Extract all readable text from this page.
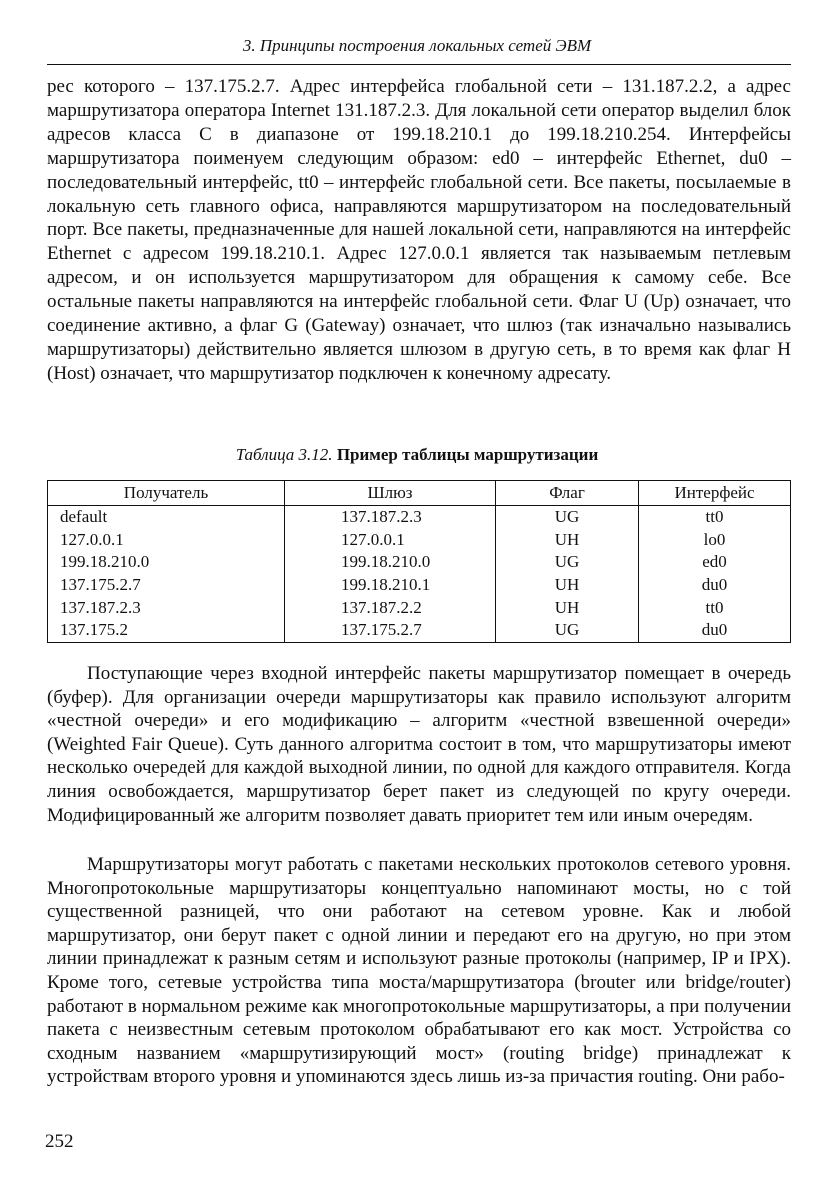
3. Принципы построения локальных сетей ЭВМ

рес которого – 137.175.2.7. Адрес интерфейса глобальной сети – 131.187.2.2, а адрес маршрутизатора оператора Internet 131.187.2.3. Для локальной сети оператор выделил блок адресов класса С в диапазоне от 199.18.210.1 до 199.18.210.254. Интерфейсы маршрутизатора поименуем следующим образом: ed0 – интерфейс Ethernet, du0 – последовательный интерфейс, tt0 – интерфейс глобальной сети. Все пакеты, посылаемые в локальную сеть главного офиса, направляются маршрутизатором на последовательный порт. Все пакеты, предназначенные для нашей локальной сети, направляются на интерфейс Ethernet с адресом 199.18.210.1. Адрес 127.0.0.1 является так называемым петлевым адресом, и он используется маршрутизатором для обращения к самому себе. Все остальные пакеты направляются на интерфейс глобальной сети. Флаг U (Up) означает, что соединение активно, а флаг G (Gateway) означает, что шлюз (так изначально назывались маршрутизаторы) действительно является шлюзом в другую сеть, в то время как флаг H (Host) означает, что маршрутизатор подключен к конечному адресату.

Таблица 3.12. Пример таблицы маршрутизации
Получатель	Шлюз	Флаг	Интерфейс
default	137.187.2.3	UG	tt0
127.0.0.1	127.0.0.1	UH	lo0
199.18.210.0	199.18.210.0	UG	ed0
137.175.2.7	199.18.210.1	UH	du0
137.187.2.3	137.187.2.2	UH	tt0
137.175.2	137.175.2.7	UG	du0

Поступающие через входной интерфейс пакеты маршрутизатор помещает в очередь (буфер). Для организации очереди маршрутизаторы как правило используют алгоритм «честной очереди» и его модификацию – алгоритм «честной взвешенной очереди» (Weighted Fair Queue). Суть данного алгоритма состоит в том, что маршрутизаторы имеют несколько очередей для каждой выходной линии, по одной для каждого отправителя. Когда линия освобождается, маршрутизатор берет пакет из следующей по кругу очереди. Модифицированный же алгоритм позволяет давать приоритет тем или иным очередям.

Маршрутизаторы могут работать с пакетами нескольких протоколов сетевого уровня. Многопротокольные маршрутизаторы концептуально напоминают мосты, но с той существенной разницей, что они работают на сетевом уровне. Как и любой маршрутизатор, они берут пакет с одной линии и передают его на другую, но при этом линии принадлежат к разным сетям и используют разные протоколы (например, IP и IPX). Кроме того, сетевые устройства типа моста/маршрутизатора (brouter или bridge/router) работают в нормальном режиме как многопротокольные маршрутизаторы, а при получении пакета с неизвестным сетевым протоколом обрабатывают его как мост. Устройства со сходным названием «маршрутизирующий мост» (routing bridge) принадлежат к устройствам второго уровня и упоминаются здесь лишь из-за причастия routing. Они рабо-

252
